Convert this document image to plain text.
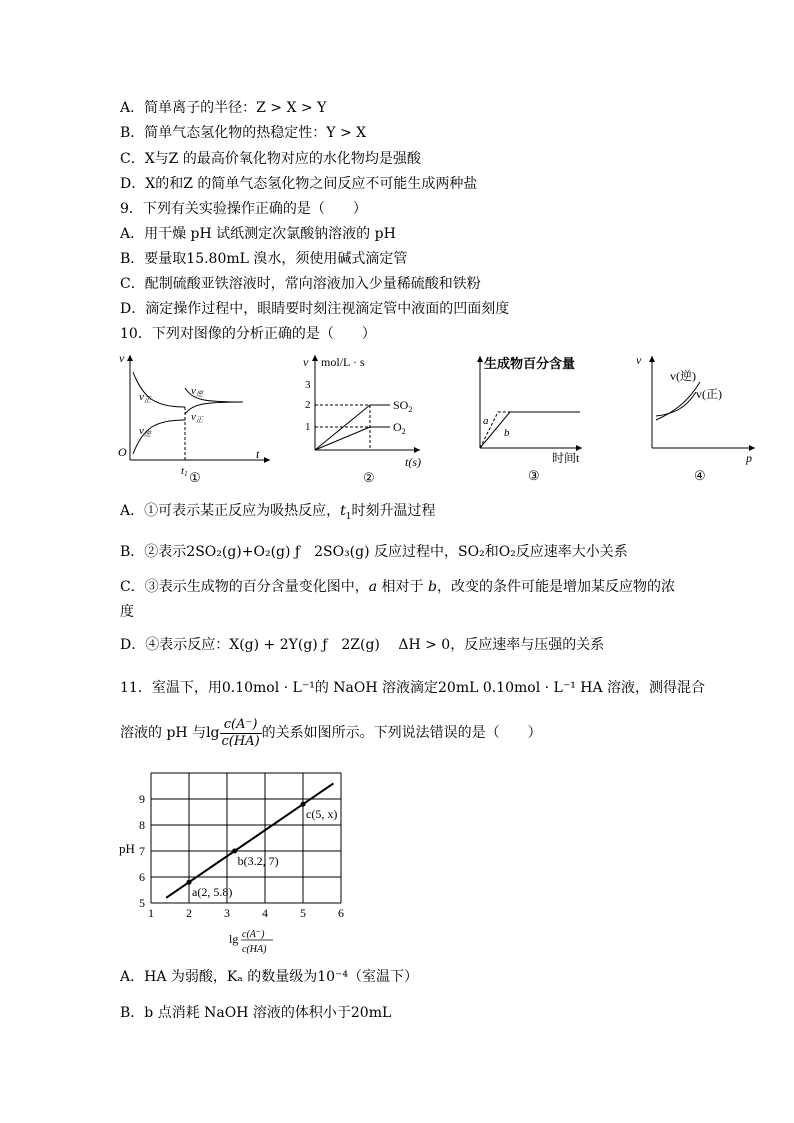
A．简单离子的半径：Z > X > Y
B．简单气态氢化物的热稳定性：Y > X
C．X与Z 的最高价氧化物对应的水化物均是强酸
D．X的和Z 的简单气态氢化物之间反应不可能生成两种盐
9．下列有关实验操作正确的是（　　）
A．用干燥 pH 试纸测定次氯酸钠溶液的 pH
B．要量取15.80mL 溴水，须使用碱式滴定管
C．配制硫酸亚铁溶液时，常向溶液加入少量稀硫酸和铁粉
D．滴定操作过程中，眼睛要时刻注视滴定管中液面的凹面刻度
10．下列对图像的分析正确的是（　　）
v
t
O
v正
v逆
v逆
v正
t1 ①
v mol/L · s
3
2
1
$SO_2$
$O_2$
t(s)
②
生成物百分含量
a
b
时间t
③
v
p
v(逆)
v(正)
④
A．①可表示某正反应为吸热反应，$t_1$时刻升温过程
B．②表示2SO₂(g)+O₂(g) ƒ　2SO₃(g) 反应过程中，SO₂和O₂反应速率大小关系
C．③表示生成物的百分含量变化图中，a 相对于 b，改变的条件可能是增加某反应物的浓
度
D．④表示反应：X(g) + 2Y(g) ƒ　2Z(g)　 ΔH > 0，反应速率与压强的关系
11．室温下，用0.10mol · L⁻¹的 NaOH 溶液滴定20mL 0.10mol · L⁻¹ HA 溶液，测得混合
溶液的 pH 与$\lg \frac{c(A^-)}{c(HA)}$ 的关系如图所示。下列说法错误的是（　　）
pH
1	2	3	4	5	6
5
6
7
8
9
a(2, 5.8)
b(3.2, 7)
c(5, x)
lg c(A⁻)
c(HA)
A．HA 为弱酸，Kₐ 的数量级为10⁻⁴（室温下）
B．b 点消耗 NaOH 溶液的体积小于20mL
